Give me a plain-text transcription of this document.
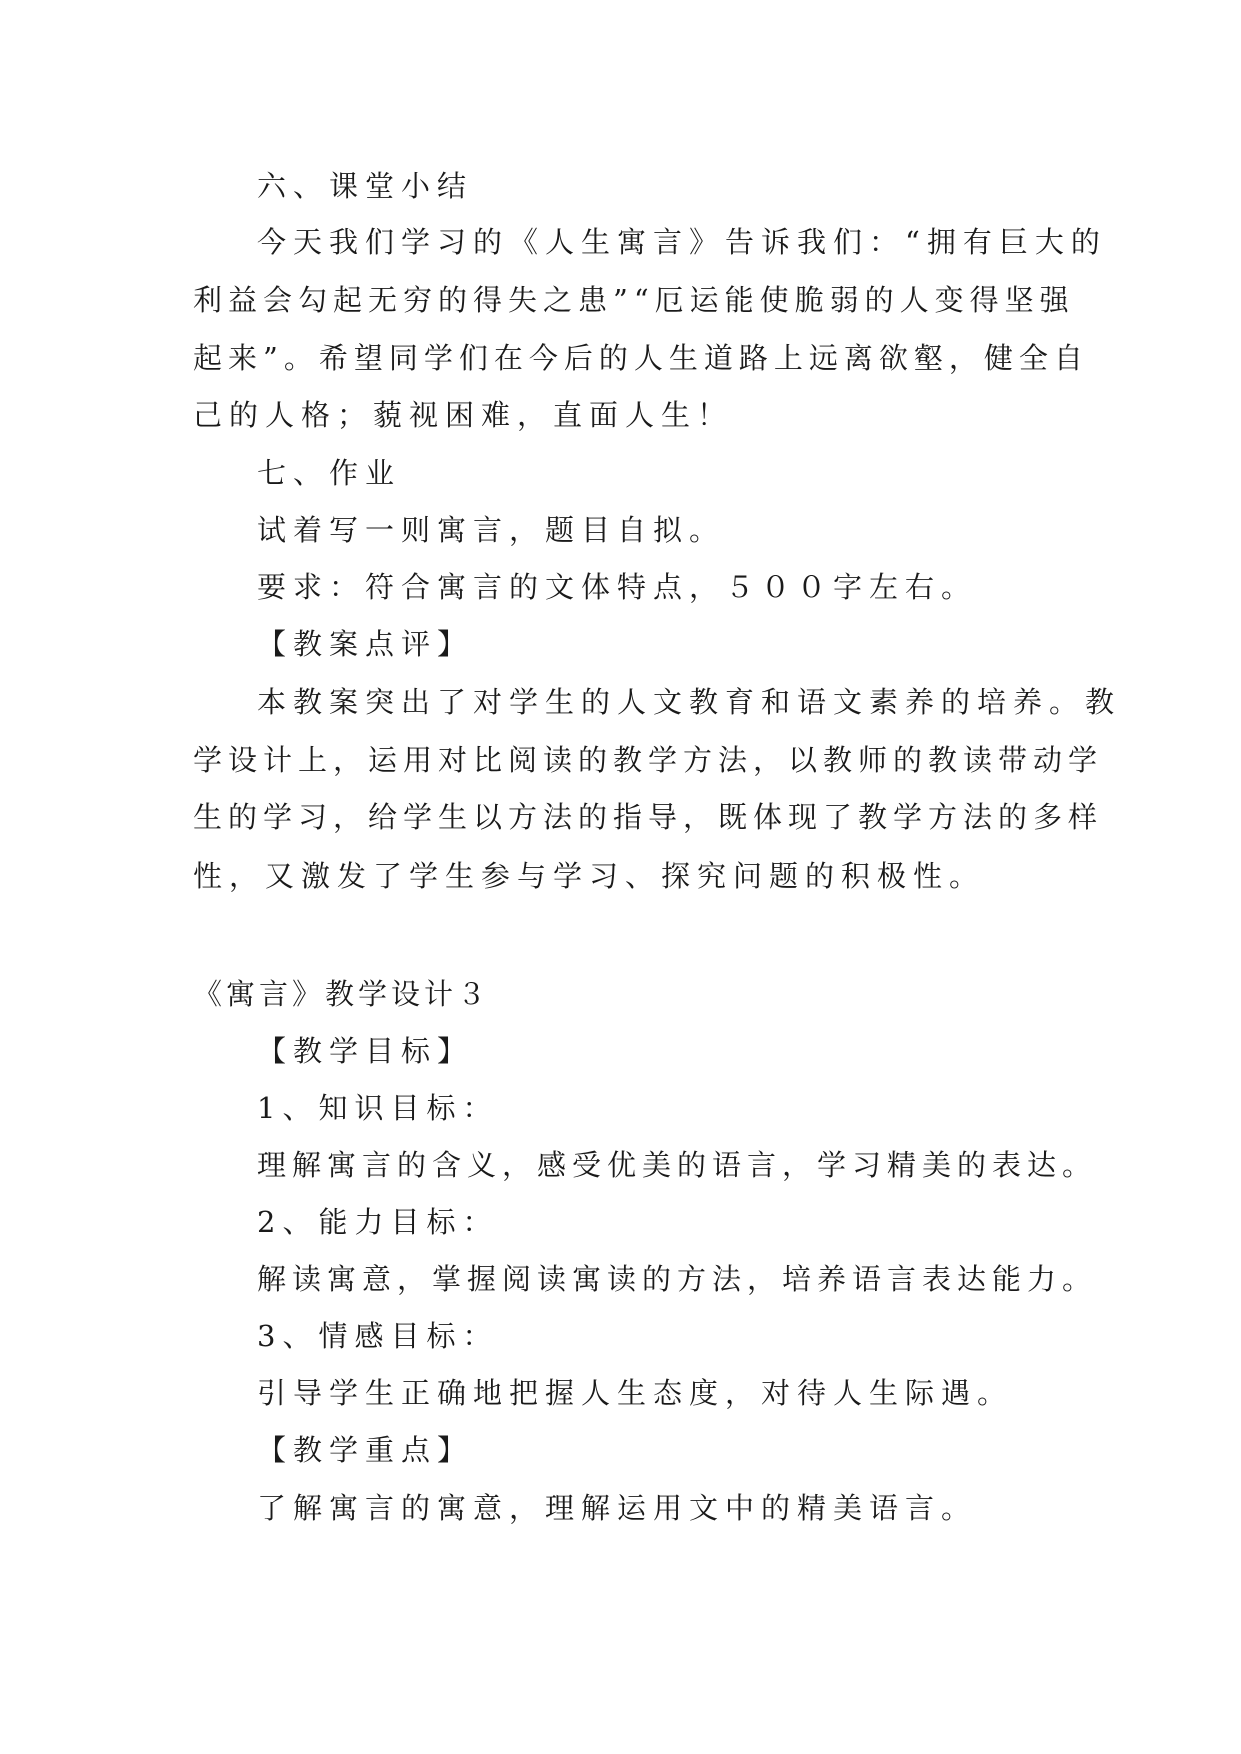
六、课堂小结

今天我们学习的《人生寓言》告诉我们：“拥有巨大的

利益会勾起无穷的得失之患”“厄运能使脆弱的人变得坚强

起来”。希望同学们在今后的人生道路上远离欲壑，健全自

己的人格；藐视困难，直面人生！

七、作业

试着写一则寓言，题目自拟。

要求：符合寓言的文体特点，５００字左右。

【教案点评】

本教案突出了对学生的人文教育和语文素养的培养。教

学设计上，运用对比阅读的教学方法，以教师的教读带动学

生的学习，给学生以方法的指导，既体现了教学方法的多样

性，又激发了学生参与学习、探究问题的积极性。

《寓言》教学设计３

【教学目标】

1、知识目标：

理解寓言的含义，感受优美的语言，学习精美的表达。

2、能力目标：

解读寓意，掌握阅读寓读的方法，培养语言表达能力。

3、情感目标：

引导学生正确地把握人生态度，对待人生际遇。

【教学重点】

了解寓言的寓意，理解运用文中的精美语言。
